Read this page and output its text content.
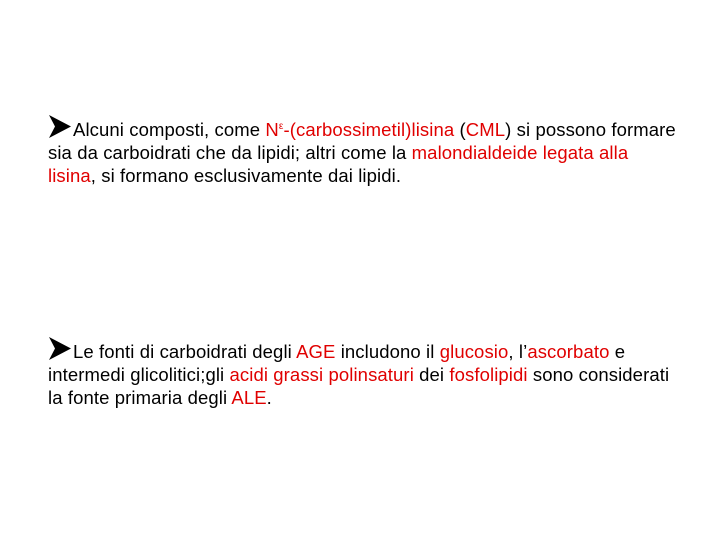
Alcuni composti, come $N^\varepsilon-(carbossimetil)lisina$ (CML) si possono formare sia da carboidrati che da lipidi; altri come la malondialdeide legata alla lisina, si formano esclusivamente dai lipidi.
Le fonti di carboidrati degli AGE includono il glucosio, l’ascorbato e intermedi glicolitici;gli acidi grassi polinsaturi dei fosfolipidi sono considerati la fonte primaria degli ALE.
